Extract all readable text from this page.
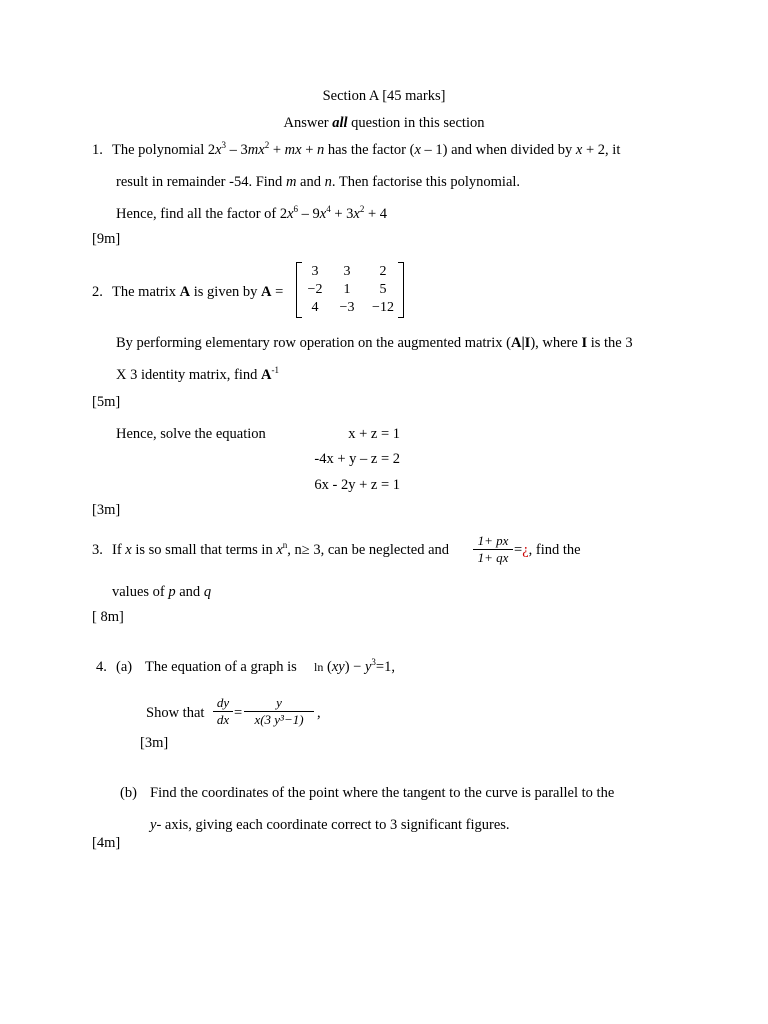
Section A [45 marks]
Answer all question in this section
1. The polynomial $2x^3 - 3mx^2$ + mx + n has the factor (x – 1) and when divided by x + 2, it
result in remainder -54. Find m and n. Then factorise this polynomial.
Hence, find all the factor of $2x^6 - 9x^4 + 3x^2 + 4$
[9m]
2. The matrix A is given by A =
3	3	2
−2	1	5
4	−3	−12
By performing elementary row operation on the augmented matrix (A|I), where I is the 3
X 3 identity matrix, find $A^{-1}$
[5m]
Hence, solve the equation	x + z = 1
-4x + y – z = 2
6x - 2y + z = 1
[3m]
3. If x is so small that terms in $x^n$, n≥ 3, can be neglected and $\frac{1+ px}{1+ qx}$ =¿, find the
values of p and q
[ 8m]
4. (a) The equation of a graph is $\ln (xy) - y^3=1$,
Show that $\frac{dy}{dx} = \frac{y}{\text{x(3 y³−1)}}$ ,
[3m]
(b) Find the coordinates of the point where the tangent to the curve is parallel to the
y- axis, giving each coordinate correct to 3 significant figures.
[4m]
